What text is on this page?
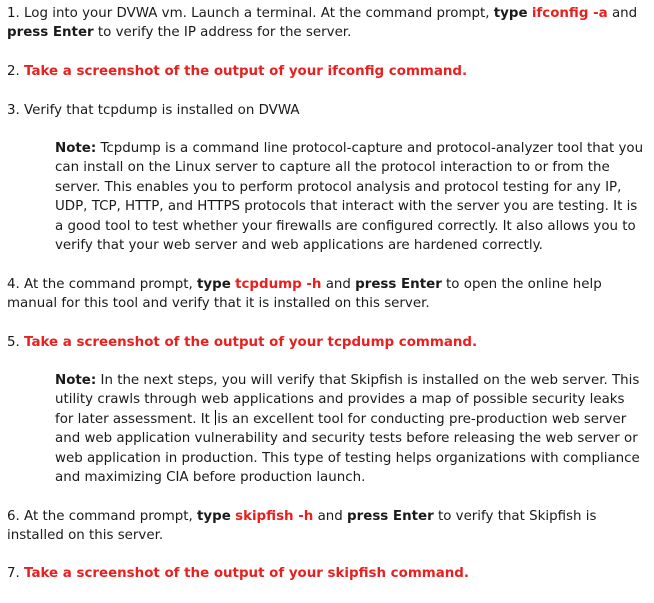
1. Log into your DVWA vm. Launch a terminal. At the command prompt, type ifconfig -a and press Enter to verify the IP address for the server.

2. Take a screenshot of the output of your ifconfig command.

3. Verify that tcpdump is installed on DVWA

Note: Tcpdump is a command line protocol-capture and protocol-analyzer tool that you can install on the Linux server to capture all the protocol interaction to or from the server. This enables you to perform protocol analysis and protocol testing for any IP, UDP, TCP, HTTP, and HTTPS protocols that interact with the server you are testing. It is a good tool to test whether your firewalls are configured correctly. It also allows you to verify that your web server and web applications are hardened correctly.

4. At the command prompt, type tcpdump -h and press Enter to open the online help manual for this tool and verify that it is installed on this server.

5. Take a screenshot of the output of your tcpdump command.

Note: In the next steps, you will verify that Skipfish is installed on the web server. This utility crawls through web applications and provides a map of possible security leaks for later assessment. It is an excellent tool for conducting pre-production web server and web application vulnerability and security tests before releasing the web server or web application in production. This type of testing helps organizations with compliance and maximizing CIA before production launch.

6. At the command prompt, type skipfish -h and press Enter to verify that Skipfish is installed on this server.

7. Take a screenshot of the output of your skipfish command.
